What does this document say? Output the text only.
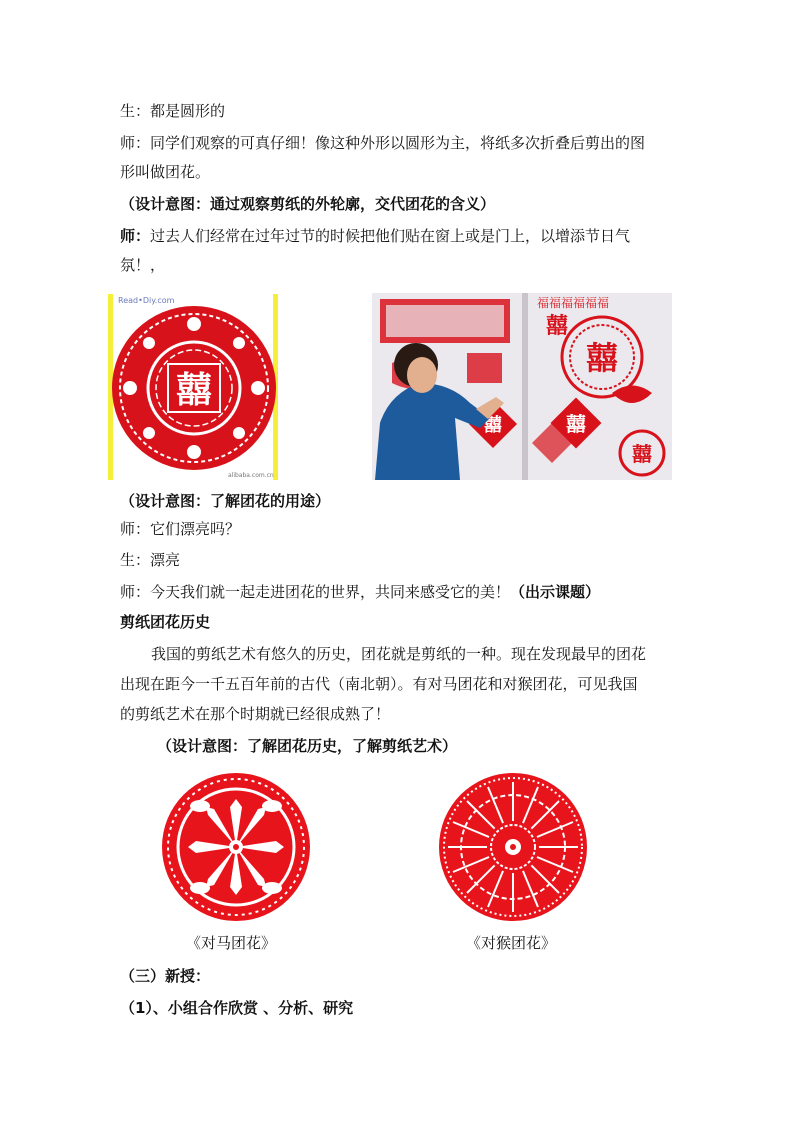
生：都是圆形的
师：同学们观察的可真仔细！像这种外形以圆形为主，将纸多次折叠后剪出的图
形叫做团花。
（设计意图：通过观察剪纸的外轮廓，交代团花的含义）
师：过去人们经常在过年过节的时候把他们贴在窗上或是门上，以增添节日气
氛！，
囍
Read•Diy.com
alibaba.com.cn
福福福福福福
囍
囍
囍
囍
囍
（设计意图：了解团花的用途）
师：它们漂亮吗？
生：漂亮
师：今天我们就一起走进团花的世界，共同来感受它的美！（出示课题）
剪纸团花历史
我国的剪纸艺术有悠久的历史，团花就是剪纸的一种。现在发现最早的团花
出现在距今一千五百年前的古代（南北朝）。有对马团花和对猴团花，可见我国
的剪纸艺术在那个时期就已经很成熟了！
（设计意图：了解团花历史，了解剪纸艺术）
《对马团花》	《对猴团花》
（三）新授：
（1）、小组合作欣赏 、分析、研究
